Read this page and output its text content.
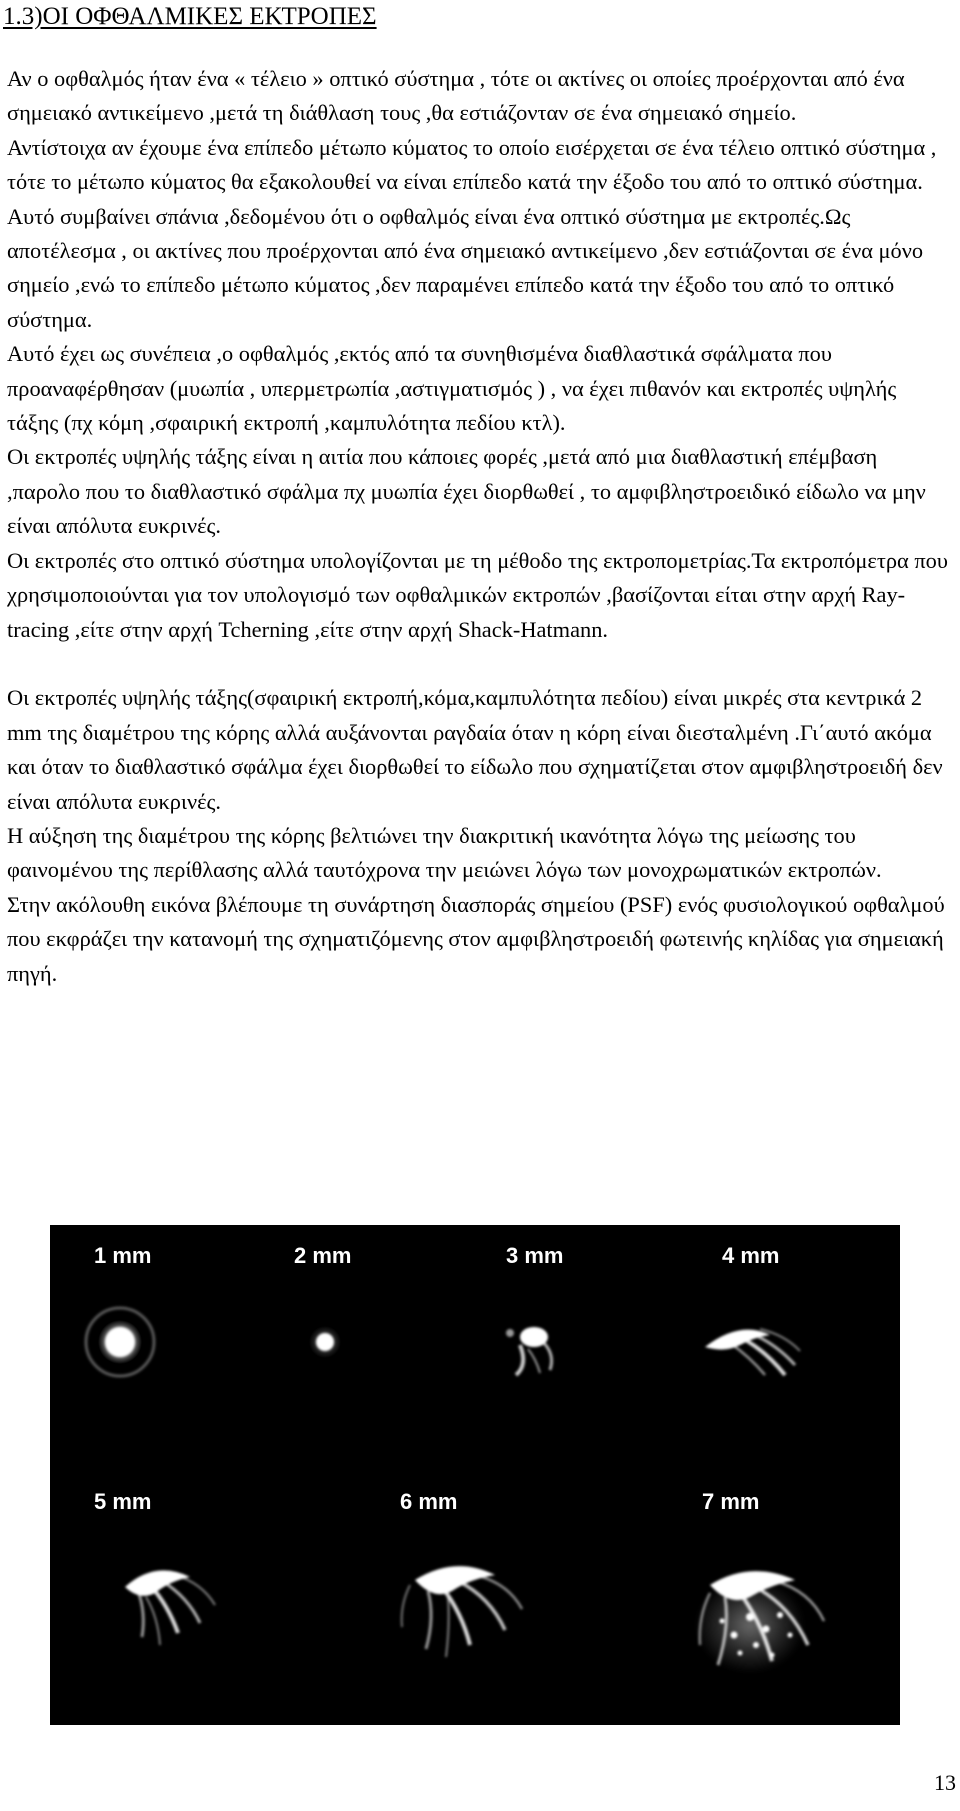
1.3)ΟΙ ΟΦΘΑΛΜΙΚΕΣ ΕΚΤΡΟΠΕΣ

Αν ο οφθαλμός ήταν ένα « τέλειο » οπτικό σύστημα , τότε οι ακτίνες οι οποίες προέρχονται από ένα σημειακό αντικείμενο ,μετά τη διάθλαση τους ,θα εστιάζονταν σε ένα σημειακό σημείο.

Αντίστοιχα αν έχουμε ένα επίπεδο μέτωπο κύματος το οποίο εισέρχεται σε ένα τέλειο οπτικό σύστημα , τότε το μέτωπο κύματος θα εξακολουθεί να είναι επίπεδο κατά την έξοδο του από το οπτικό σύστημα.

Αυτό συμβαίνει σπάνια ,δεδομένου ότι ο οφθαλμός είναι ένα οπτικό σύστημα με εκτροπές.Ως αποτέλεσμα , οι ακτίνες που προέρχονται από ένα σημειακό αντικείμενο ,δεν εστιάζονται σε ένα μόνο σημείο ,ενώ το επίπεδο μέτωπο κύματος ,δεν παραμένει επίπεδο κατά την έξοδο του από το οπτικό σύστημα.

Αυτό έχει ως συνέπεια ,ο οφθαλμός ,εκτός από τα συνηθισμένα διαθλαστικά σφάλματα που προαναφέρθησαν (μυωπία , υπερμετρωπία ,αστιγματισμός ) , να έχει πιθανόν και εκτροπές υψηλής τάξης (πχ κόμη ,σφαιρική εκτροπή ,καμπυλότητα πεδίου κτλ).

Οι εκτροπές υψηλής τάξης είναι η αιτία που κάποιες φορές ,μετά από μια διαθλαστική επέμβαση ,παρολο που το διαθλαστικό σφάλμα πχ μυωπία έχει διορθωθεί , το αμφιβληστροειδικό είδωλο να μην είναι απόλυτα ευκρινές.

Οι εκτροπές στο οπτικό σύστημα υπολογίζονται με τη μέθοδο της εκτροπομετρίας.Τα εκτροπόμετρα που χρησιμοποιούνται για τον υπολογισμό των οφθαλμικών εκτροπών ,βασίζονται είται στην αρχή Ray-tracing ,είτε στην αρχή Tcherning ,είτε στην αρχή Shack-Hatmann.

Οι εκτροπές υψηλής τάξης(σφαιρική εκτροπή,κόμα,καμπυλότητα πεδίου) είναι μικρές στα κεντρικά 2 mm της διαμέτρου της κόρης αλλά αυξάνονται ραγδαία όταν η κόρη είναι διεσταλμένη .Γι΄αυτό ακόμα και όταν το διαθλαστικό σφάλμα έχει διορθωθεί το είδωλο που σχηματίζεται στον αμφιβληστροειδή δεν είναι απόλυτα ευκρινές.

Η αύξηση της διαμέτρου της κόρης βελτιώνει την διακριτική ικανότητα λόγω της μείωσης του φαινομένου της περίθλασης αλλά ταυτόχρονα την μειώνει λόγω των μονοχρωματικών εκτροπών.

Στην ακόλουθη εικόνα βλέπουμε τη συνάρτηση διασποράς σημείου (PSF) ενός φυσιολογικού οφθαλμού που εκφράζει την κατανομή της σχηματιζόμενης στον αμφιβληστροειδή φωτεινής κηλίδας για σημειακή πηγή.

1 mm	2 mm	3 mm	4 mm
5 mm	6 mm	7 mm
13
